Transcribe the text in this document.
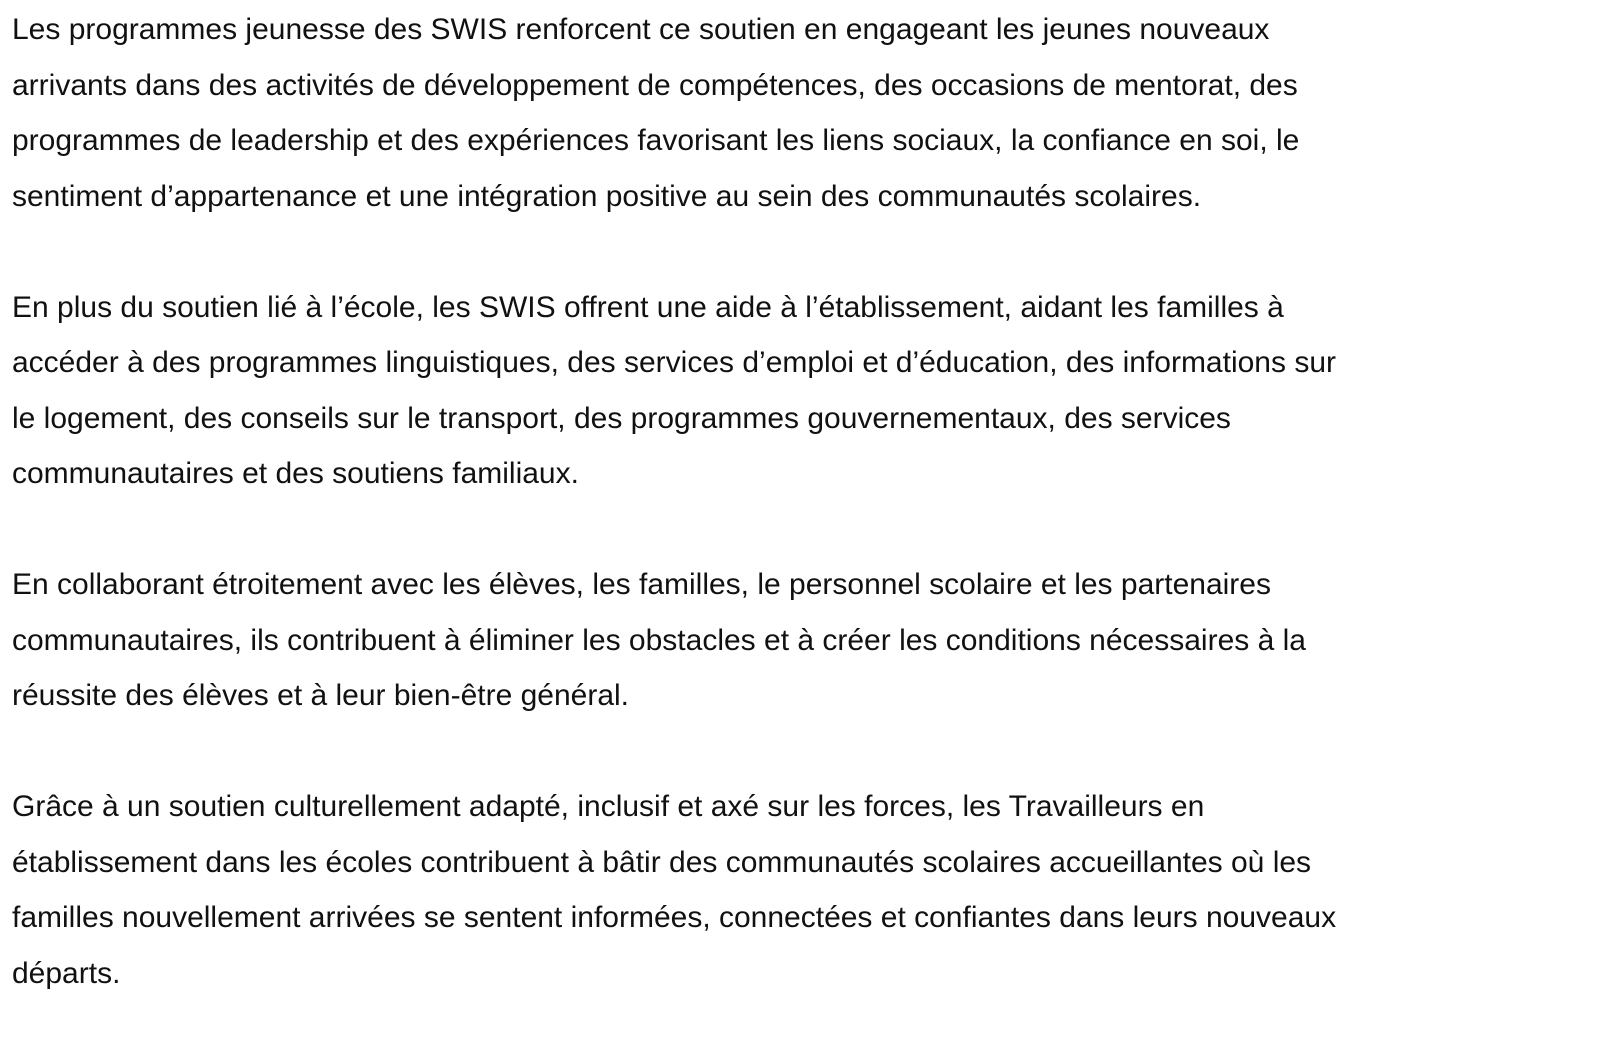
Les programmes jeunesse des SWIS renforcent ce soutien en engageant les jeunes nouveaux
arrivants dans des activités de développement de compétences, des occasions de mentorat, des
programmes de leadership et des expériences favorisant les liens sociaux, la confiance en soi, le
sentiment d’appartenance et une intégration positive au sein des communautés scolaires.

En plus du soutien lié à l’école, les SWIS offrent une aide à l’établissement, aidant les familles à
accéder à des programmes linguistiques, des services d’emploi et d’éducation, des informations sur
le logement, des conseils sur le transport, des programmes gouvernementaux, des services
communautaires et des soutiens familiaux.

En collaborant étroitement avec les élèves, les familles, le personnel scolaire et les partenaires
communautaires, ils contribuent à éliminer les obstacles et à créer les conditions nécessaires à la
réussite des élèves et à leur bien-être général.

Grâce à un soutien culturellement adapté, inclusif et axé sur les forces, les Travailleurs en
établissement dans les écoles contribuent à bâtir des communautés scolaires accueillantes où les
familles nouvellement arrivées se sentent informées, connectées et confiantes dans leurs nouveaux
départs.
